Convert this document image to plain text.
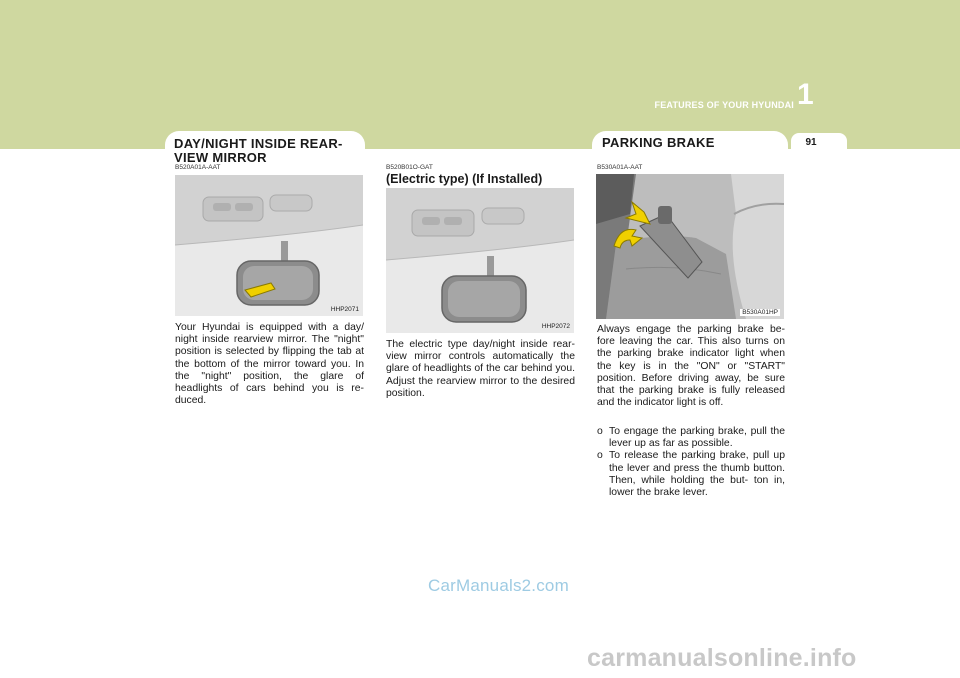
FEATURES OF YOUR HYUNDAI 1
91
DAY/NIGHT INSIDE REAR-
VIEW MIRROR
B520A01A-AAT
HHP2071

Your Hyundai is equipped with a day/ night inside rearview mirror. The "night" position is selected by flipping the tab at the bottom of the mirror toward you. In the "night" position, the glare of headlights of cars behind you is re- duced.

B520B01O-GAT
(Electric type) (If Installed)
HHP2072

The electric type day/night inside rear- view mirror controls automatically the glare of headlights of the car behind you. Adjust the rearview mirror to the desired position.

PARKING BRAKE
B530A01A-AAT
B530A01HP

Always engage the parking brake be- fore leaving the car. This also turns on the parking brake indicator light when the key is in the "ON" or "START" position. Before driving away, be sure that the parking brake is fully released and the indicator light is off.

o To engage the parking brake, pull the lever up as far as possible.
o To release the parking brake, pull up the lever and press the thumb button. Then, while holding the but- ton in, lower the brake lever.
CarManuals2.com
carmanualsonline.info
